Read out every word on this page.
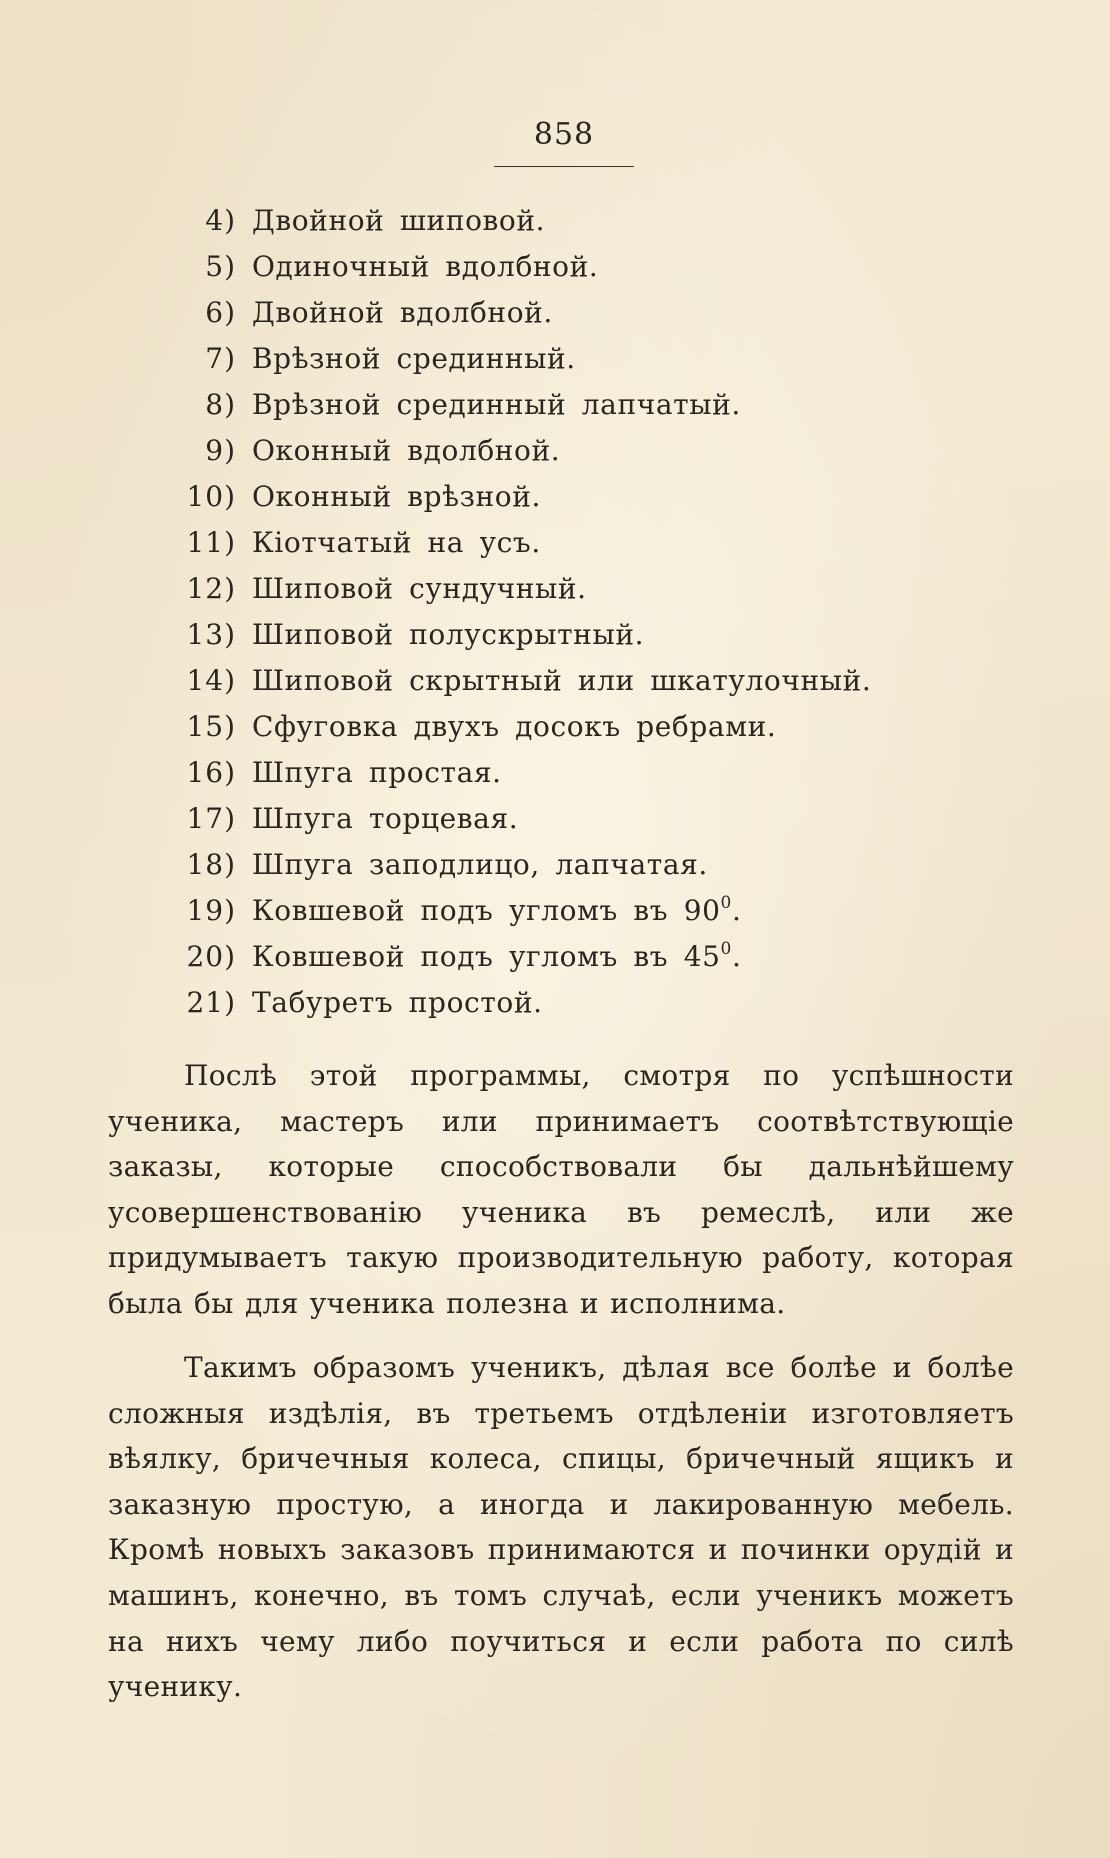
858
4) Двойной шиповой.
5) Одиночный вдолбной.
6) Двойной вдолбной.
7) Врѣзной срединный.
8) Врѣзной срединный лапчатый.
9) Оконный вдолбной.
10) Оконный врѣзной.
11) Кіотчатый на усъ.
12) Шиповой сундучный.
13) Шиповой полускрытный.
14) Шиповой скрытный или шкатулочный.
15) Сфуговка двухъ досокъ ребрами.
16) Шпуга простая.
17) Шпуга торцевая.
18) Шпуга заподлицо, лапчатая.
19) Ковшевой подъ угломъ въ $90^0$.
20) Ковшевой подъ угломъ въ $45^0$.
21) Табуретъ простой.

Послѣ этой программы, смотря по успѣшности ученика, мастеръ или принимаетъ соотвѣтствующіе заказы, которые способствовали бы дальнѣйшему усовершенствованію ученика въ ремеслѣ, или же придумываетъ такую производительную работу, которая была бы для ученика полезна и исполнима.

Такимъ образомъ ученикъ, дѣлая все болѣе и болѣе сложныя издѣлія, въ третьемъ отдѣленіи изготовляетъ вѣялку, бричечныя колеса, спицы, бричечный ящикъ и заказную простую, а иногда и лакированную мебель. Кромѣ новыхъ заказовъ принимаются и починки орудій и машинъ, конечно, въ томъ случаѣ, если ученикъ можетъ на нихъ чему либо поучиться и если работа по силѣ ученику.
